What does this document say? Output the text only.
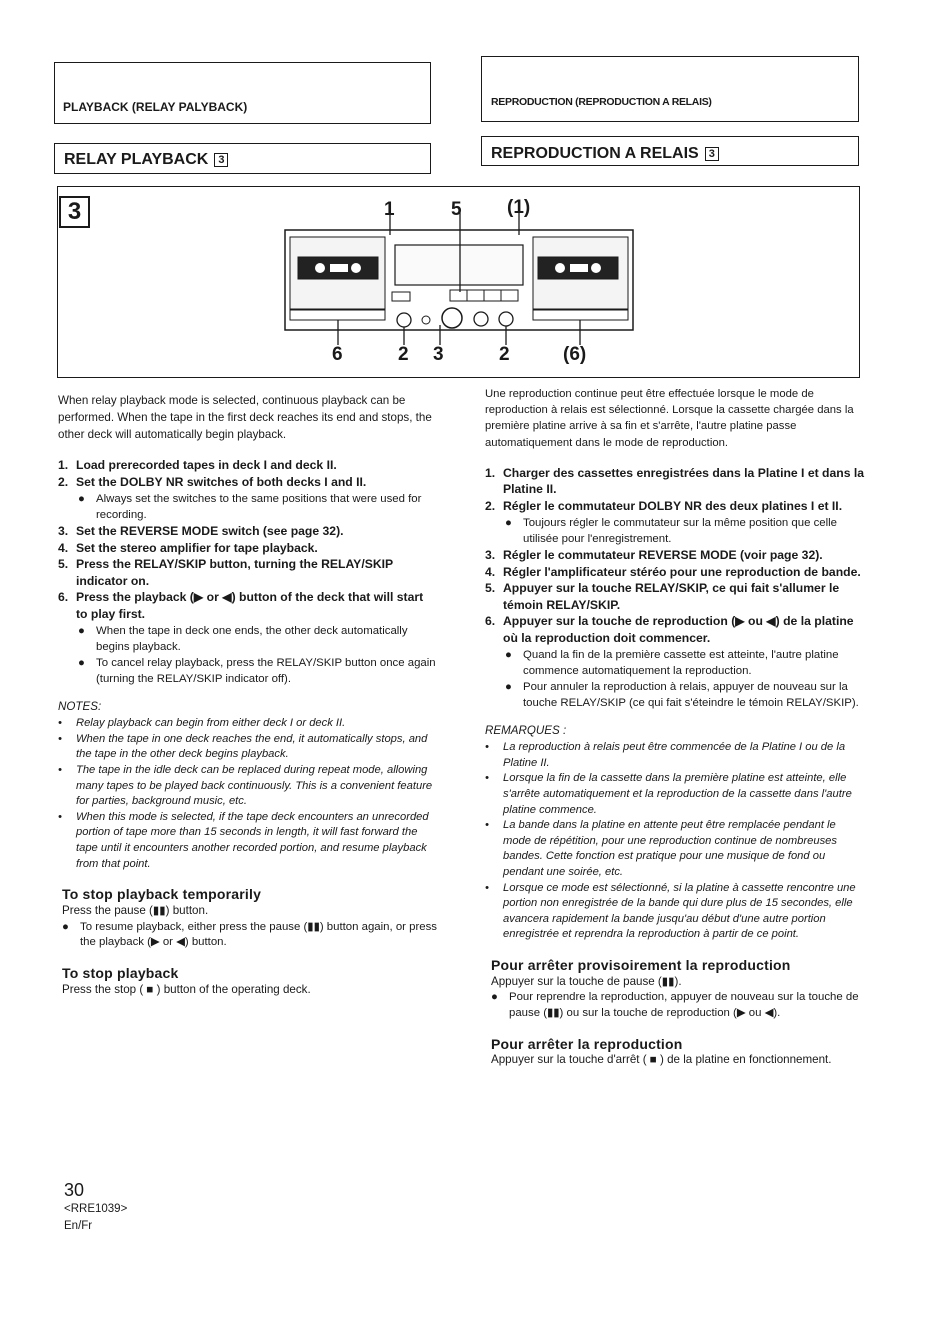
PLAYBACK (RELAY PALYBACK)	REPRODUCTION (REPRODUCTION A RELAIS)
RELAY PLAYBACK 3	REPRODUCTION A RELAIS 3
3	1	5 (1)
6	2 3	2	(6)

When relay playback mode is selected, continuous playback can be performed. When the tape in the first deck reaches its end and stops, the other deck will automatically begin playback.

1. Load prerecorded tapes in deck I and deck II.
2. Set the DOLBY NR switches of both decks I and II.
● Always set the switches to the same positions that were used for recording.
3. Set the REVERSE MODE switch (see page 32).
4. Set the stereo amplifier for tape playback.
5. Press the RELAY/SKIP button, turning the RELAY/SKIP indicator on.
6. Press the playback (▶ or ◀) button of the deck that will start to play first.
● When the tape in deck one ends, the other deck automatically begins playback.
● To cancel relay playback, press the RELAY/SKIP button once again (turning the RELAY/SKIP indicator off).
NOTES:
•	Relay playback can begin from either deck I or deck II.
•	When the tape in one deck reaches the end, it automatically stops, and the tape in the other deck begins playback.
•	The tape in the idle deck can be replaced during repeat mode, allowing many tapes to be played back continuously. This is a convenient feature for parties, background music, etc.
•	When this mode is selected, if the tape deck encounters an unrecorded portion of tape more than 15 seconds in length, it will fast forward the tape until it encounters another recorded portion, and resume playback from that point.
To stop playback temporarily
Press the pause (▮▮) button.
● To resume playback, either press the pause (▮▮) button again, or press the playback (▶ or ◀) button.
To stop playback
Press the stop ( ■ ) button of the operating deck.

Une reproduction continue peut être effectuée lorsque le mode de reproduction à relais est sélectionné. Lorsque la cassette chargée dans la première platine arrive à sa fin et s'arrête, l'autre platine passe automatiquement dans le mode de reproduction.

1. Charger des cassettes enregistrées dans la Platine I et dans la Platine II.
2. Régler le commutateur DOLBY NR des deux platines I et II.
● Toujours régler le commutateur sur la même position que celle utilisée pour l'enregistrement.
3. Régler le commutateur REVERSE MODE (voir page 32).
4. Régler l'amplificateur stéréo pour une reproduction de bande.
5. Appuyer sur la touche RELAY/SKIP, ce qui fait s'allumer le témoin RELAY/SKIP.
6. Appuyer sur la touche de reproduction (▶ ou ◀) de la platine où la reproduction doit commencer.
● Quand la fin de la première cassette est atteinte, l'autre platine commence automatiquement la reproduction.
● Pour annuler la reproduction à relais, appuyer de nouveau sur la touche RELAY/SKIP (ce qui fait s'éteindre le témoin RELAY/SKIP).
REMARQUES :
•	La reproduction à relais peut être commencée de la Platine I ou de la Platine II.
•	Lorsque la fin de la cassette dans la première platine est atteinte, elle s'arrête automatiquement et la reproduction de la cassette dans l'autre platine commence.
•	La bande dans la platine en attente peut être remplacée pendant le mode de répétition, pour une reproduction continue de nombreuses bandes. Cette fonction est pratique pour une musique de fond ou pendant une soirée, etc.
•	Lorsque ce mode est sélectionné, si la platine à cassette rencontre une portion non enregistrée de la bande qui dure plus de 15 secondes, elle avancera rapidement la bande jusqu'au début d'une autre portion enregistrée et reprendra la reproduction à partir de ce point.
Pour arrêter provisoirement la reproduction
Appuyer sur la touche de pause (▮▮).
● Pour reprendre la reproduction, appuyer de nouveau sur la touche de pause (▮▮) ou sur la touche de reproduction (▶ ou ◀).
Pour arrêter la reproduction
Appuyer sur la touche d'arrêt ( ■ ) de la platine en fonctionnement.
30
<RRE1039>
En/Fr
